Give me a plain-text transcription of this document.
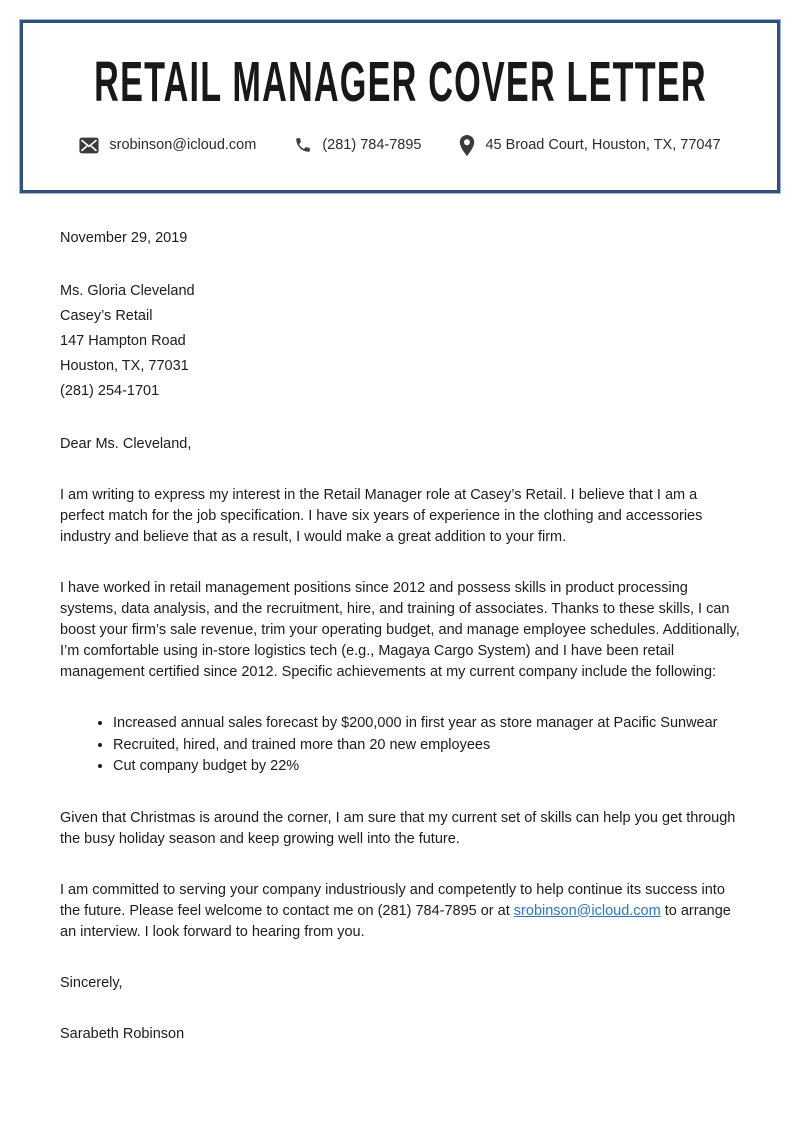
RETAIL MANAGER COVER LETTER
srobinson@icloud.com	(281) 784-7895	45 Broad Court, Houston, TX, 77047

November 29, 2019

Ms. Gloria Cleveland
Casey’s Retail
147 Hampton Road
Houston, TX, 77031
(281) 254-1701

Dear Ms. Cleveland,

I am writing to express my interest in the Retail Manager role at Casey’s Retail. I believe that I am a perfect match for the job specification. I have six years of experience in the clothing and accessories industry and believe that as a result, I would make a great addition to your firm.

I have worked in retail management positions since 2012 and possess skills in product processing systems, data analysis, and the recruitment, hire, and training of associates. Thanks to these skills, I can boost your firm’s sale revenue, trim your operating budget, and manage employee schedules. Additionally, I’m comfortable using in-store logistics tech (e.g., Magaya Cargo System) and I have been retail management certified since 2012. Specific achievements at my current company include the following:

• Increased annual sales forecast by $200,000 in first year as store manager at Pacific Sunwear
• Recruited, hired, and trained more than 20 new employees
• Cut company budget by 22%

Given that Christmas is around the corner, I am sure that my current set of skills can help you get through the busy holiday season and keep growing well into the future.

I am committed to serving your company industriously and competently to help continue its success into the future. Please feel welcome to contact me on (281) 784-7895 or at srobinson@icloud.com to arrange an interview. I look forward to hearing from you.

Sincerely,

Sarabeth Robinson
